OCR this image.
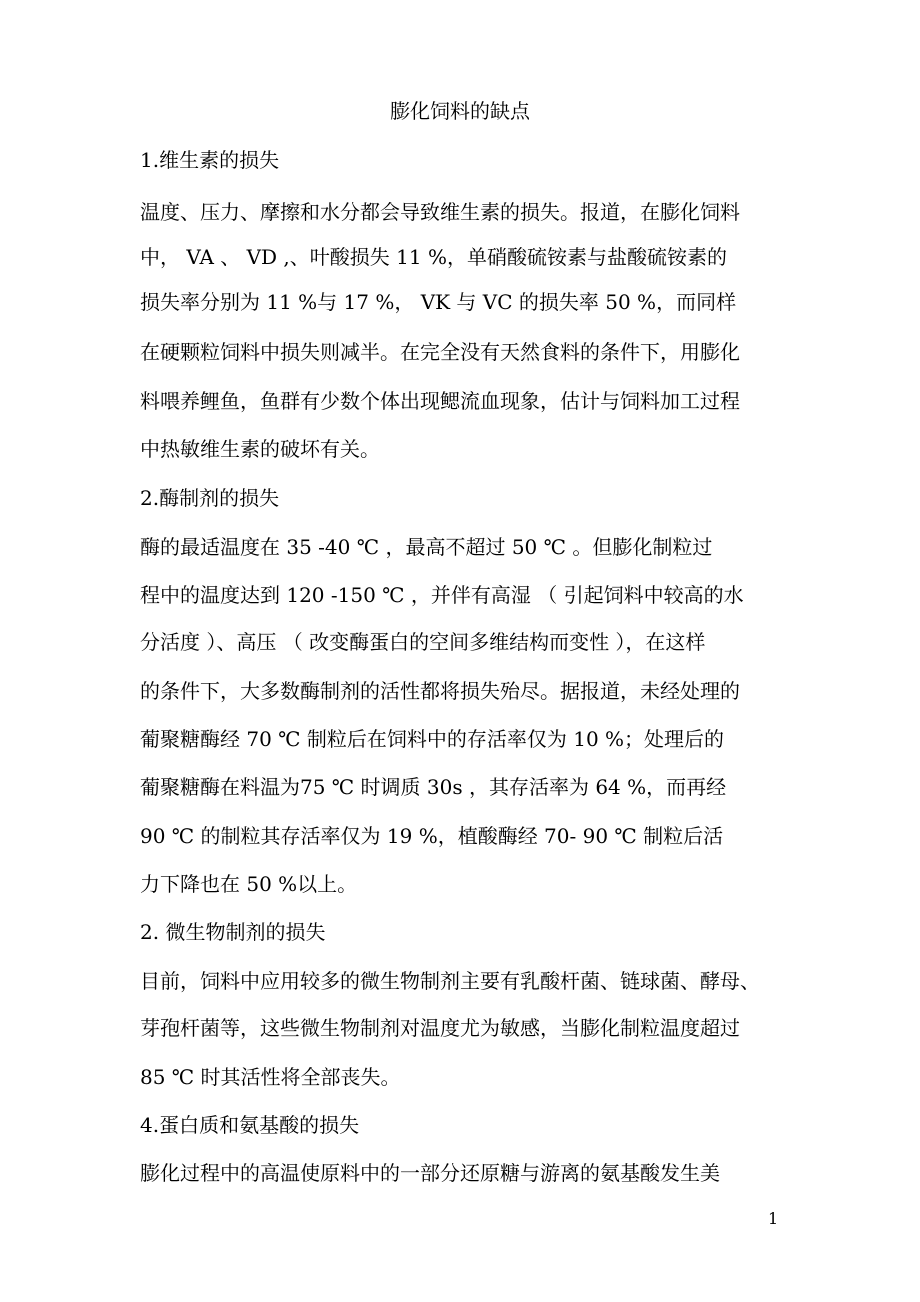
膨化饲料的缺点
1.维生素的损失
温度、压力、摩擦和水分都会导致维生素的损失。报道，在膨化饲料
中， VA 、 VD ,、叶酸损失 11 %，单硝酸硫铵素与盐酸硫铵素的
损失率分别为 11 %与 17 %， VK 与 VC 的损失率 50 %，而同样
在硬颗粒饲料中损失则减半。在完全没有天然食料的条件下，用膨化
料喂养鲤鱼，鱼群有少数个体出现鳃流血现象，估计与饲料加工过程
中热敏维生素的破坏有关。
2.酶制剂的损失
酶的最适温度在 35 -40 ℃ ，最高不超过 50 ℃ 。但膨化制粒过
程中的温度达到 120 -150 ℃ ，并伴有高湿 （ 引起饲料中较高的水
分活度 ）、高压 （ 改变酶蛋白的空间多维结构而变性 ），在这样
的条件下，大多数酶制剂的活性都将损失殆尽。据报道，未经处理的
葡聚糖酶经 70 ℃ 制粒后在饲料中的存活率仅为 10 %；处理后的
葡聚糖酶在料温为75 ℃ 时调质 30s ，其存活率为 64 %，而再经
90 ℃ 的制粒其存活率仅为 19 %，植酸酶经 70- 90 ℃ 制粒后活
力下降也在 50 %以上。
2. 微生物制剂的损失
目前，饲料中应用较多的微生物制剂主要有乳酸杆菌、链球菌、酵母、
芽孢杆菌等，这些微生物制剂对温度尤为敏感，当膨化制粒温度超过
85 ℃ 时其活性将全部丧失。
4.蛋白质和氨基酸的损失
膨化过程中的高温使原料中的一部分还原糖与游离的氨基酸发生美
1
